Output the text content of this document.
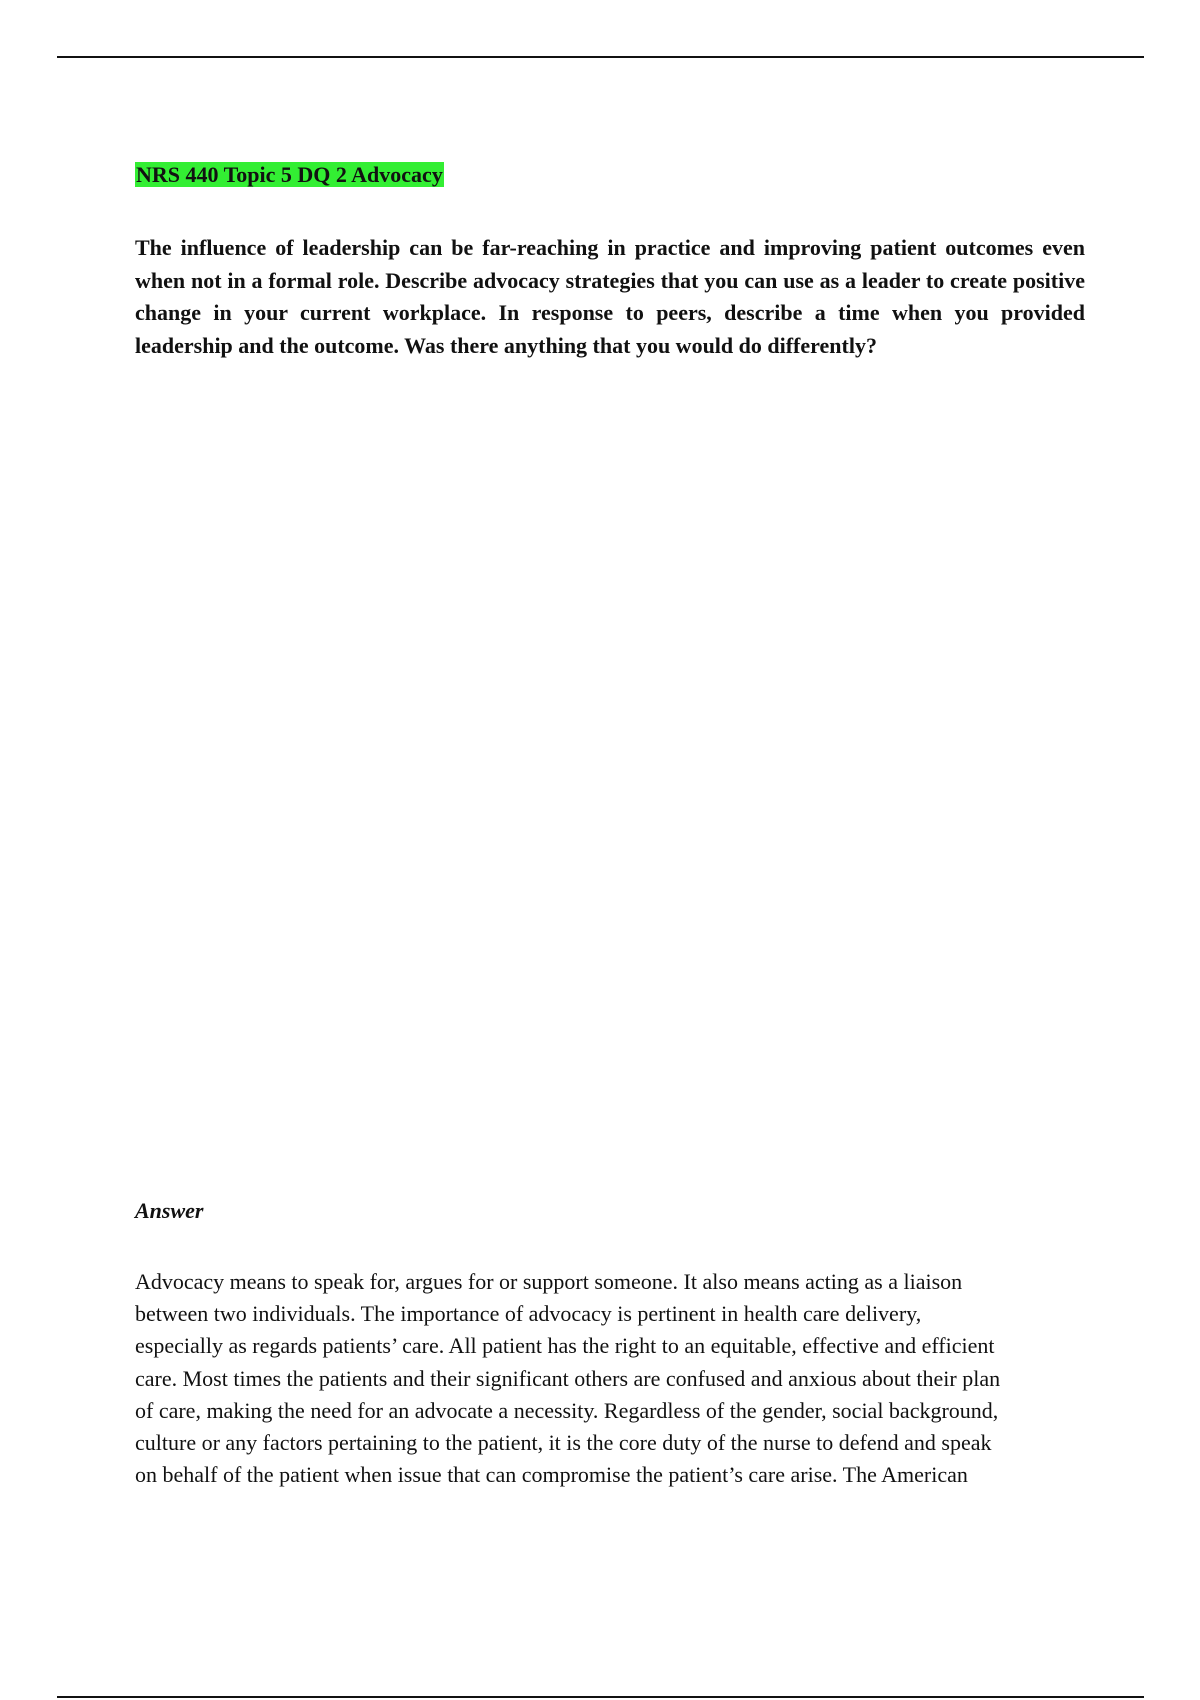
NRS 440 Topic 5 DQ 2 Advocacy

The influence of leadership can be far-reaching in practice and improving patient outcomes even when not in a formal role. Describe advocacy strategies that you can use as a leader to create positive change in your current workplace. In response to peers, describe a time when you provided leadership and the outcome. Was there anything that you would do differently?

Answer

Advocacy means to speak for, argues for or support someone. It also means acting as a liaison
between two individuals. The importance of advocacy is pertinent in health care delivery,
especially as regards patients’ care. All patient has the right to an equitable, effective and efficient
care. Most times the patients and their significant others are confused and anxious about their plan
of care, making the need for an advocate a necessity. Regardless of the gender, social background,
culture or any factors pertaining to the patient, it is the core duty of the nurse to defend and speak
on behalf of the patient when issue that can compromise the patient’s care arise. The American
